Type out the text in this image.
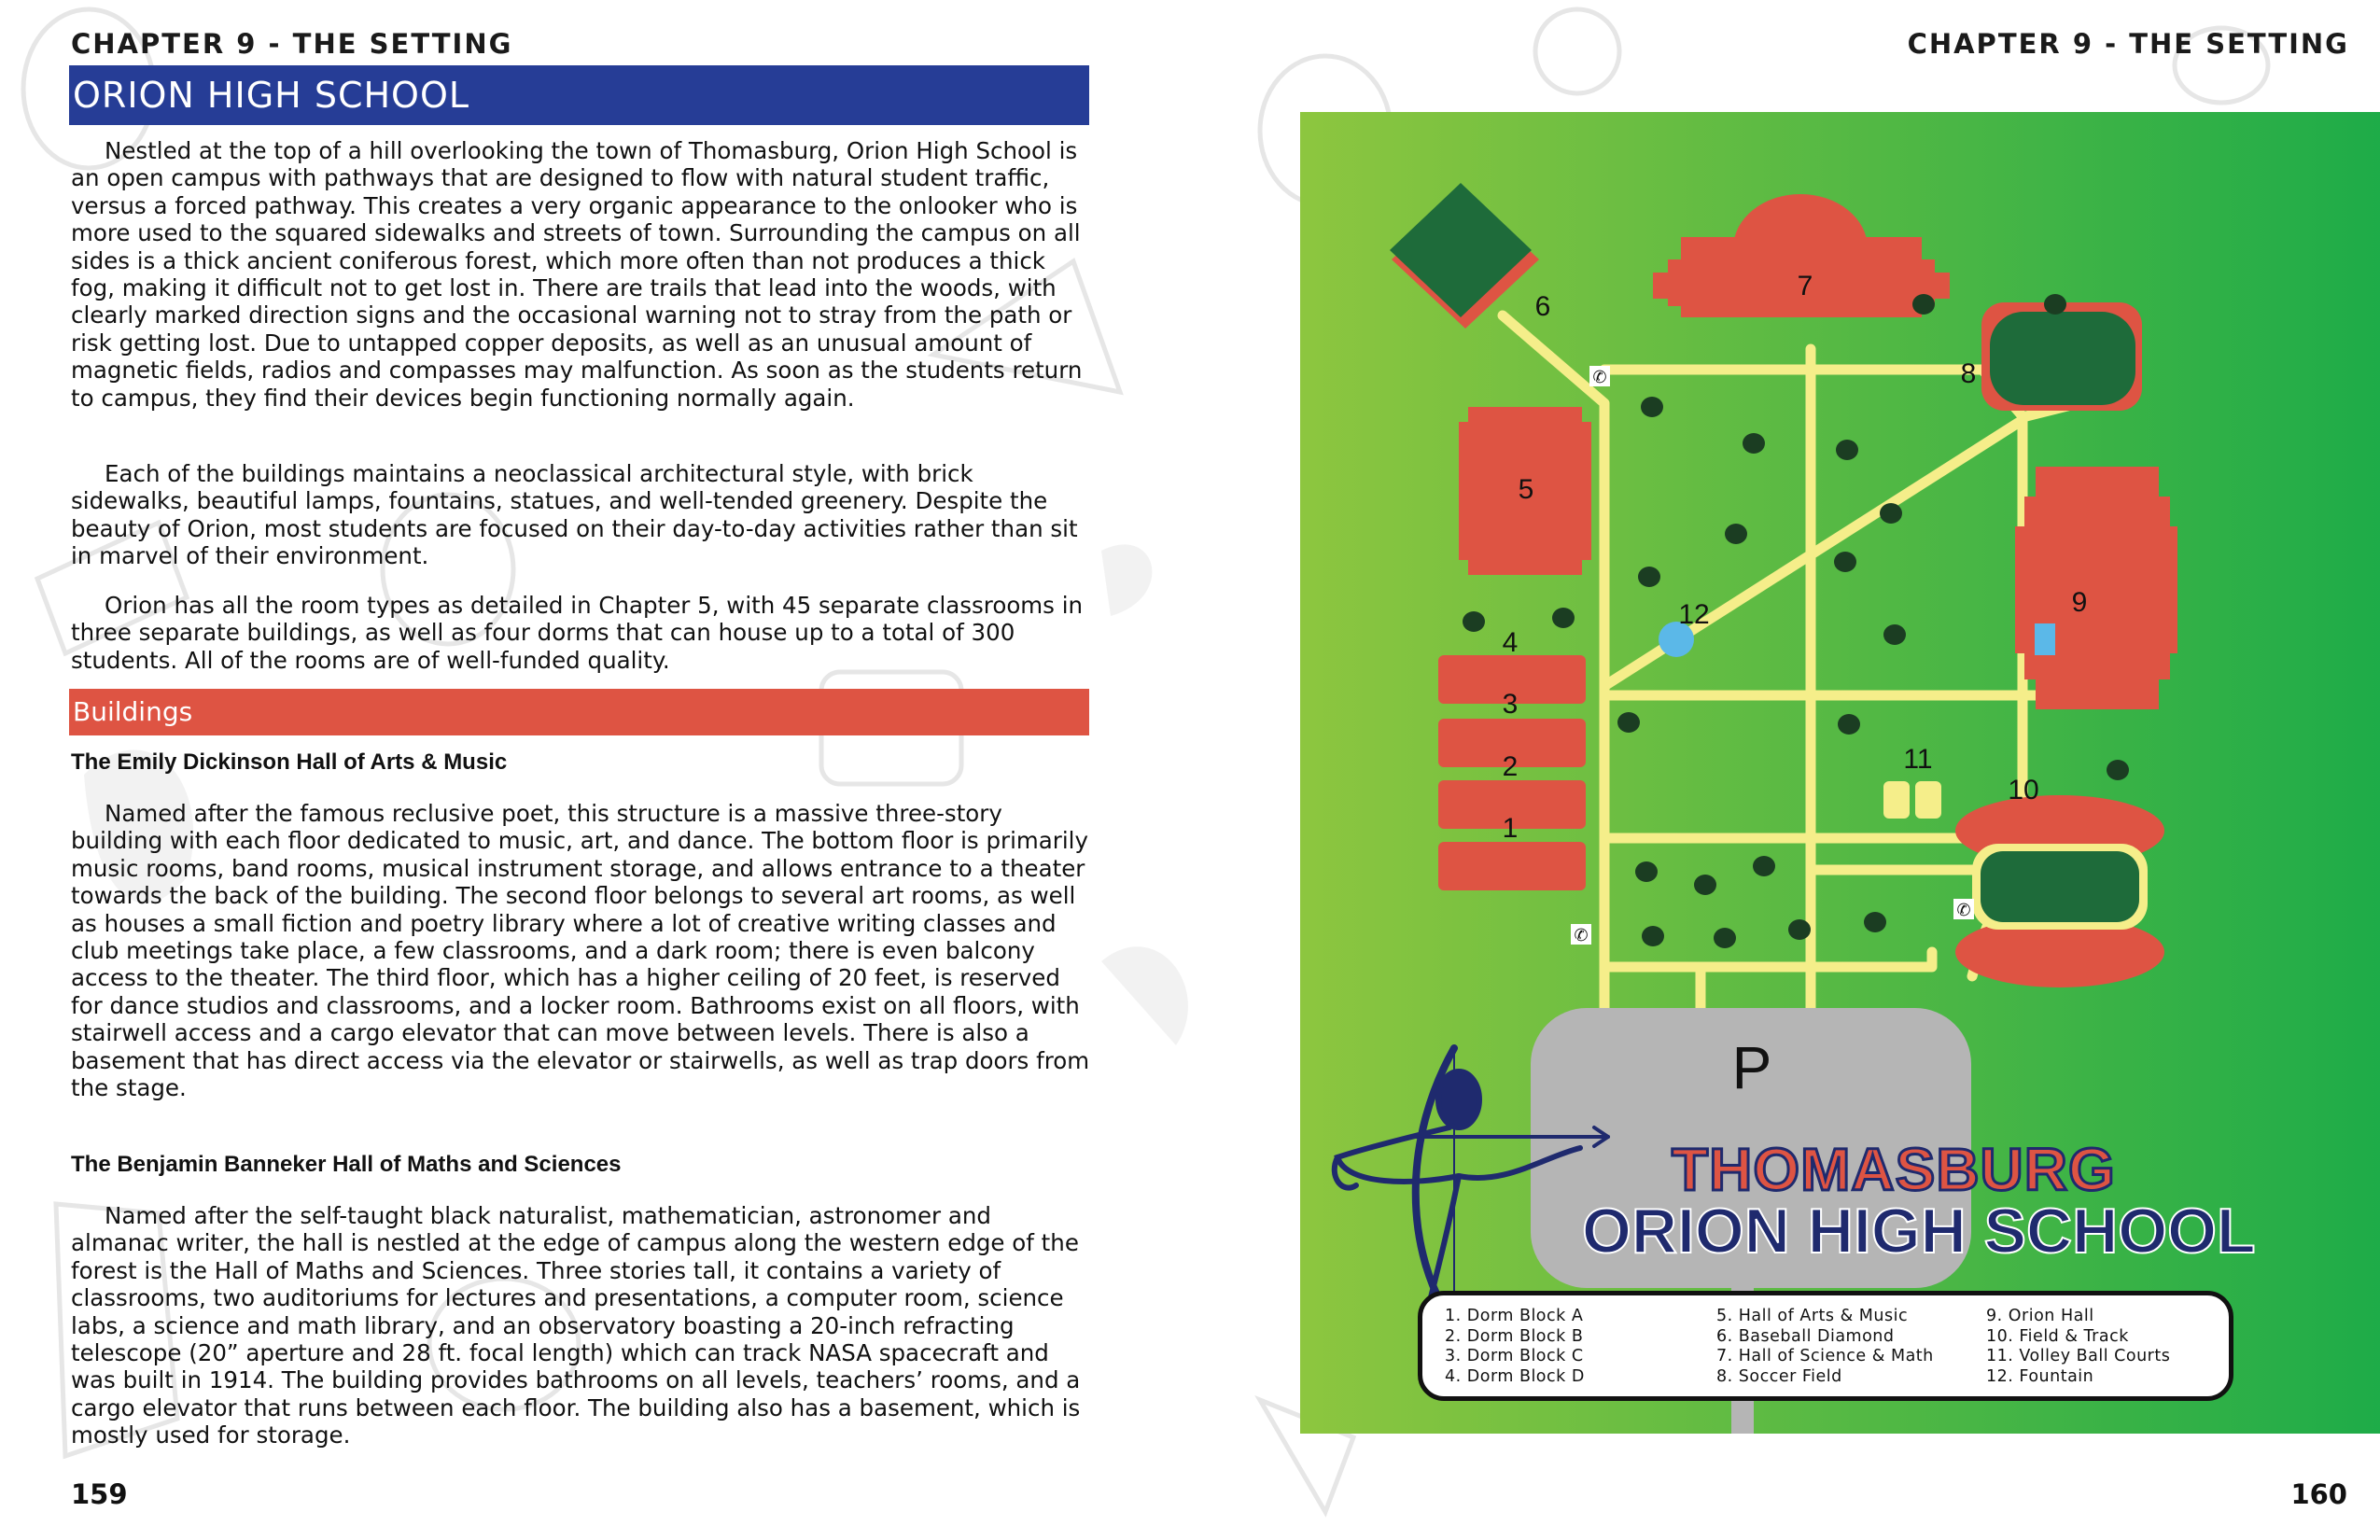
CHAPTER 9 - THE SETTING
ORION HIGH SCHOOL

Nestled at the top of a hill overlooking the town of Thomasburg, Orion High School is an open campus with pathways that are designed to flow with natural student traffic, versus a forced pathway. This creates a very organic appearance to the onlooker who is more used to the squared sidewalks and streets of town. Surrounding the campus on all sides is a thick ancient coniferous forest, which more often than not produces a thick fog, making it difficult not to get lost in. There are trails that lead into the woods, with clearly marked direction signs and the occasional warning not to stray from the path or risk getting lost. Due to untapped copper deposits, as well as an unusual amount of magnetic fields, radios and compasses may malfunction. As soon as the students return to campus, they find their devices begin functioning normally again.

Each of the buildings maintains a neoclassical architectural style, with brick sidewalks, beautiful lamps, fountains, statues, and well-tended greenery. Despite the beauty of Orion, most students are focused on their day-to-day activities rather than sit in marvel of their environment.

Orion has all the room types as detailed in Chapter 5, with 45 separate classrooms in three separate buildings, as well as four dorms that can house up to a total of 300 students. All of the rooms are of well-funded quality.

Buildings
The Emily Dickinson Hall of Arts & Music

Named after the famous reclusive poet, this structure is a massive three-story building with each floor dedicated to music, art, and dance. The bottom floor is primarily music rooms, band rooms, musical instrument storage, and allows entrance to a theater towards the back of the building. The second floor belongs to several art rooms, as well as houses a small fiction and poetry library where a lot of creative writing classes and club meetings take place, a few classrooms, and a dark room; there is even balcony access to the theater. The third floor, which has a higher ceiling of 20 feet, is reserved for dance studios and classrooms, and a locker room. Bathrooms exist on all floors, with stairwell access and a cargo elevator that can move between levels. There is also a basement that has direct access via the elevator or stairwells, as well as trap doors from the stage.

The Benjamin Banneker Hall of Maths and Sciences

Named after the self-taught black naturalist, mathematician, astronomer and almanac writer, the hall is nestled at the edge of campus along the western edge of the forest is the Hall of Maths and Sciences. Three stories tall, it contains a variety of classrooms, two auditoriums for lectures and presentations, a computer room, science labs, a science and math library, and an observatory boasting a 20-inch refracting telescope (20” aperture and 28 ft. focal length) which can track NASA spacecraft and was built in 1914. The building provides bathrooms on all levels, teachers’ rooms, and a cargo elevator that runs between each floor. The building also has a basement, which is mostly used for storage.

159
CHAPTER 9 - THE SETTING
160
✆
✆
✆
P
1
2
3
4
5
6
7
8
9
10
11
12
THOMASBURG
ORION HIGH SCHOOL
1. Dorm Block A
2. Dorm Block B
3. Dorm Block C
4. Dorm Block D
5. Hall of Arts & Music
6. Baseball Diamond
7. Hall of Science & Math
8. Soccer Field
9. Orion Hall
10. Field & Track
11. Volley Ball Courts
12. Fountain
